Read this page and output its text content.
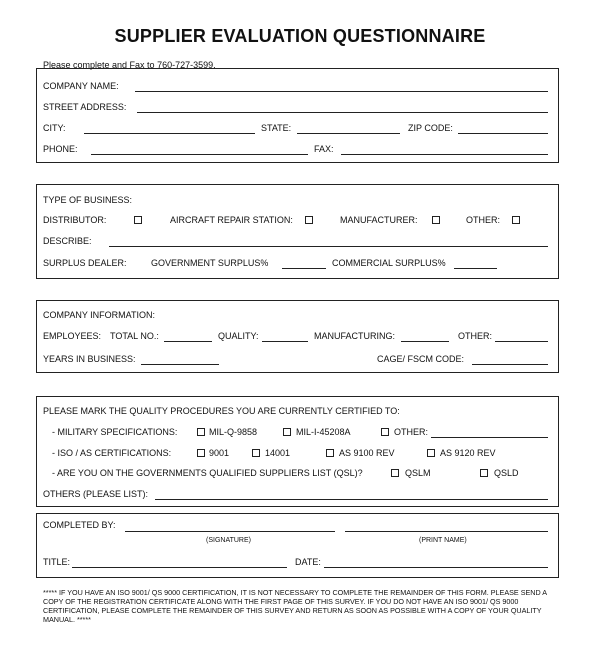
SUPPLIER EVALUATION QUESTIONNAIRE
Please complete and Fax to 760-727-3599.
COMPANY NAME:
STREET ADDRESS:
CITY:	STATE:	ZIP CODE:
PHONE:	FAX:
TYPE OF BUSINESS:
DISTRIBUTOR:	AIRCRAFT REPAIR STATION:	MANUFACTURER:	OTHER:
DESCRIBE:
SURPLUS DEALER:	GOVERNMENT SURPLUS%	COMMERCIAL SURPLUS%
COMPANY INFORMATION:
EMPLOYEES: TOTAL NO.:	QUALITY:	MANUFACTURING:	OTHER:
YEARS IN BUSINESS:	CAGE/ FSCM CODE:
PLEASE MARK THE QUALITY PROCEDURES YOU ARE CURRENTLY CERTIFIED TO:
- MILITARY SPECIFICATIONS:	MIL-Q-9858	MIL-I-45208A	OTHER:
- ISO / AS CERTIFICATIONS:	9001	14001	AS 9100 REV	AS 9120 REV
- ARE YOU ON THE GOVERNMENTS QUALIFIED SUPPLIERS LIST (QSL)?	QSLM	QSLD
OTHERS (PLEASE LIST):
COMPLETED BY:
(SIGNATURE)	(PRINT NAME)
TITLE:	DATE:
***** IF YOU HAVE AN ISO 9001/ QS 9000 CERTIFICATION, IT IS NOT NECESSARY TO COMPLETE THE REMAINDER OF THIS FORM. PLEASE SEND A COPY OF THE REGISTRATION CERTIFICATE ALONG WITH THE FIRST PAGE OF THIS SURVEY. IF YOU DO NOT HAVE AN ISO 9001/ QS 9000 CERTIFICATION, PLEASE COMPLETE THE REMAINDER OF THIS SURVEY AND RETURN AS SOON AS POSSIBLE WITH A COPY OF YOUR QUALITY MANUAL. *****
